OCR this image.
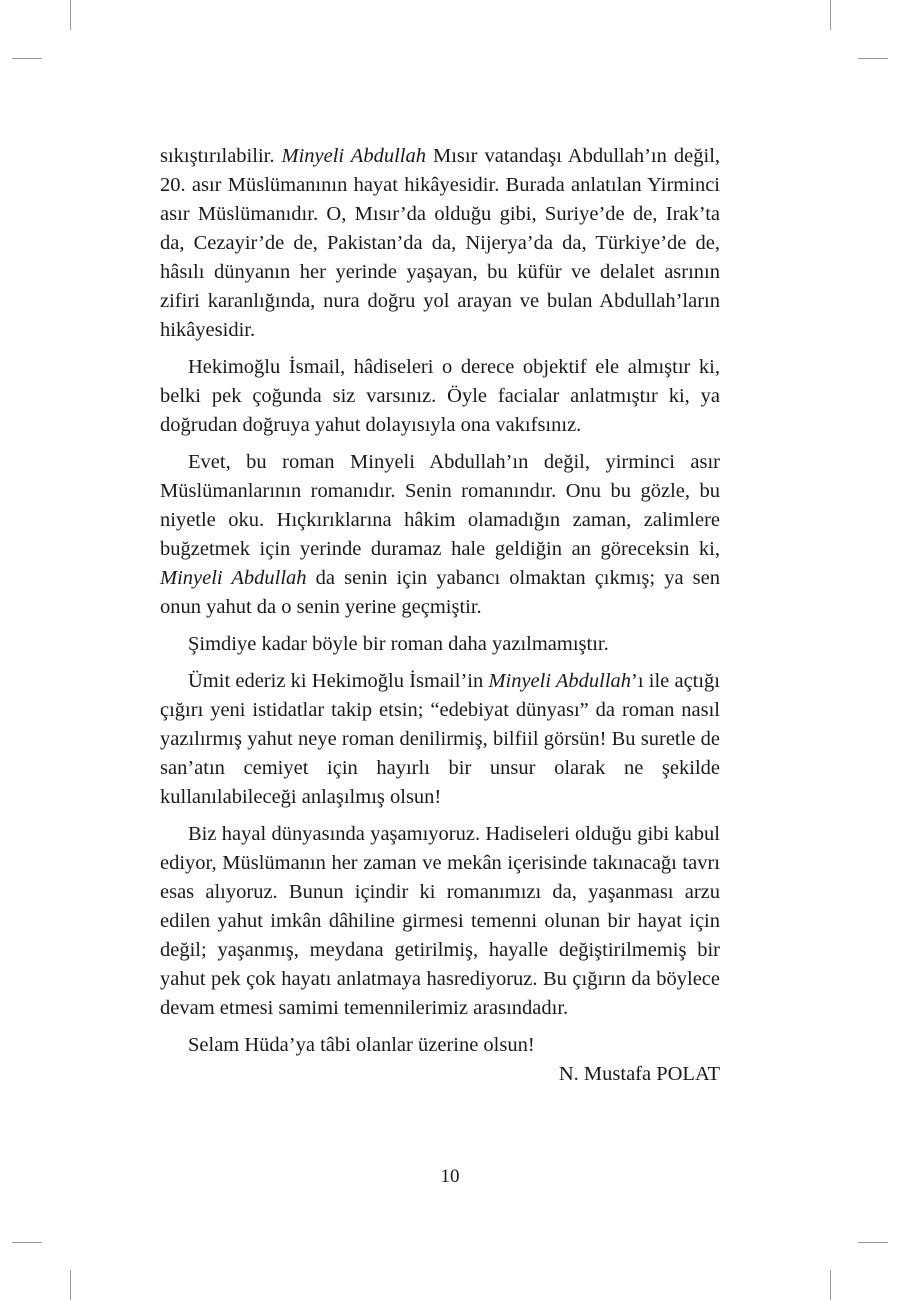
sıkıştırılabilir. Minyeli Abdullah Mısır vatandaşı Abdullah’ın değil, 20. asır Müslümanının hayat hikâyesidir. Burada anlatılan Yirminci asır Müslümanıdır. O, Mısır’da olduğu gibi, Suriye’de de, Irak’ta da, Cezayir’de de, Pakistan’da da, Nijerya’da da, Türkiye’de de, hâsılı dünyanın her yerinde yaşayan, bu küfür ve delalet asrının zifiri karanlığında, nura doğru yol arayan ve bulan Abdullah’ların hikâyesidir.

Hekimoğlu İsmail, hâdiseleri o derece objektif ele almıştır ki, belki pek çoğunda siz varsınız. Öyle facialar anlatmıştır ki, ya doğrudan doğruya yahut dolayısıyla ona vakıfsınız.

Evet, bu roman Minyeli Abdullah’ın değil, yirminci asır Müslümanlarının romanıdır. Senin romanındır. Onu bu gözle, bu niyetle oku. Hıçkırıklarına hâkim olamadığın zaman, zalimlere buğzetmek için yerinde duramaz hale geldiğin an göreceksin ki, Minyeli Abdullah da senin için yabancı olmaktan çıkmış; ya sen onun yahut da o senin yerine geçmiştir.

Şimdiye kadar böyle bir roman daha yazılmamıştır.

Ümit ederiz ki Hekimoğlu İsmail’in Minyeli Abdullah’ı ile açtığı çığırı yeni istidatlar takip etsin; “edebiyat dünyası” da roman nasıl yazılırmış yahut neye roman denilirmiş, bilfiil görsün! Bu suretle de san’atın cemiyet için hayırlı bir unsur olarak ne şekilde kullanılabileceği anlaşılmış olsun!

Biz hayal dünyasında yaşamıyoruz. Hadiseleri olduğu gibi kabul ediyor, Müslümanın her zaman ve mekân içerisinde takınacağı tavrı esas alıyoruz. Bunun içindir ki romanımızı da, yaşanması arzu edilen yahut imkân dâhiline girmesi temenni olunan bir hayat için değil; yaşanmış, meydana getirilmiş, hayalle değiştirilmemiş bir yahut pek çok hayatı anlatmaya hasrediyoruz. Bu çığırın da böylece devam etmesi samimi temennilerimiz arasındadır.

Selam Hüda’ya tâbi olanlar üzerine olsun!

N. Mustafa POLAT

10
